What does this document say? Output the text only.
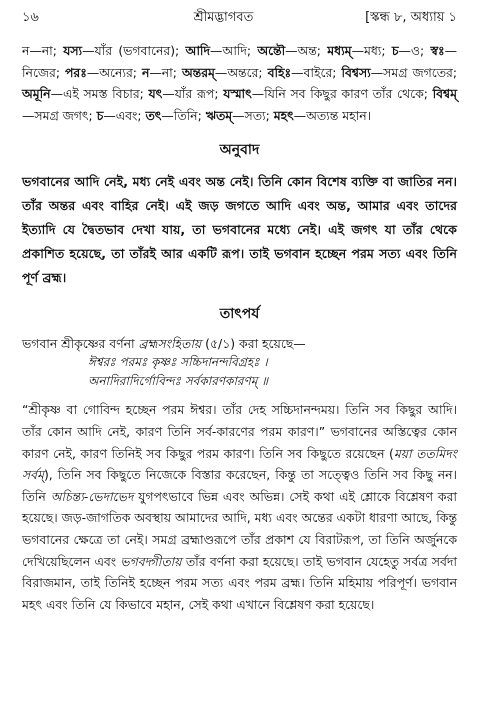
১৬	শ্রীমদ্ভাগবত	[স্কন্ধ ৮, অধ্যায় ১
ন—না; যস্য—যাঁর (ভগবানের); আদি—আদি; অন্তৌ—অন্ত; মধ্যম্—মধ্য; চ—ও; স্বঃ—নিজের; পরঃ—অন্যের; ন—না; অন্তরম্—অন্তরে; বহিঃ—বাইরে; বিশ্বস্য—সমগ্র জগতের; অমূনি—এই সমস্ত বিচার; যৎ—যাঁর রূপ; যস্মাৎ—যিনি সব কিছুর কারণ তাঁর থেকে; বিশ্বম্—সমগ্র জগৎ; চ—এবং; তৎ—তিনি; ঋতম্—সত্য; মহৎ—অত্যন্ত মহান।
অনুবাদ
ভগবানের আদি নেই, মধ্য নেই এবং অন্ত নেই। তিনি কোন বিশেষ ব্যক্তি বা জাতির নন। তাঁর অন্তর এবং বাহির নেই। এই জড় জগতে আদি এবং অন্ত, আমার এবং তাদের ইত্যাদি যে দ্বৈতভাব দেখা যায়, তা ভগবানের মধ্যে নেই। এই জগৎ যা তাঁর থেকে প্রকাশিত হয়েছে, তা তাঁরই আর একটি রূপ। তাই ভগবান হচ্ছেন পরম সত্য এবং তিনি পূর্ণ ব্রহ্ম।
তাৎপর্য
ভগবান শ্রীকৃষ্ণের বর্ণনা ব্রহ্মসংহিতায় (৫/১) করা হয়েছে—
ঈশ্বরঃ পরমঃ কৃষ্ণঃ সচ্চিদানন্দবিগ্রহঃ ।
অনাদিরাদির্গোবিন্দঃ সর্বকারণকারণম্ ॥
“শ্রীকৃষ্ণ বা গোবিন্দ হচ্ছেন পরম ঈশ্বর। তাঁর দেহ সচ্চিদানন্দময়। তিনি সব কিছুর আদি। তাঁর কোন আদি নেই, কারণ তিনি সর্ব-কারণের পরম কারণ।” ভগবানের অস্তিত্বের কোন কারণ নেই, কারণ তিনিই সব কিছুর পরম কারণ। তিনি সব কিছুতে রয়েছেন (ময়া ততমিদং সর্বম্), তিনি সব কিছুতে নিজেকে বিস্তার করেছেন, কিন্তু তা সত্ত্বেও তিনি সব কিছু নন। তিনি অচিন্ত্য-ভেদাভেদ যুগপৎভাবে ভিন্ন এবং অভিন্ন। সেই কথা এই শ্লোকে বিশ্লেষণ করা হয়েছে। জড়-জাগতিক অবস্থায় আমাদের আদি, মধ্য এবং অন্তের একটা ধারণা আছে, কিন্তু ভগবানের ক্ষেত্রে তা নেই। সমগ্র ব্রহ্মাণ্ডরূপে তাঁর প্রকাশ যে বিরাটরূপ, তা তিনি অর্জুনকে দেখিয়েছিলেন এবং ভগবদ্গীতায় তাঁর বর্ণনা করা হয়েছে। তাই ভগবান যেহেতু সর্বত্র সর্বদা বিরাজমান, তাই তিনিই হচ্ছেন পরম সত্য এবং পরম ব্রহ্ম। তিনি মহিমায় পরিপূর্ণ। ভগবান মহৎ এবং তিনি যে কিভাবে মহান, সেই কথা এখানে বিশ্লেষণ করা হয়েছে।
